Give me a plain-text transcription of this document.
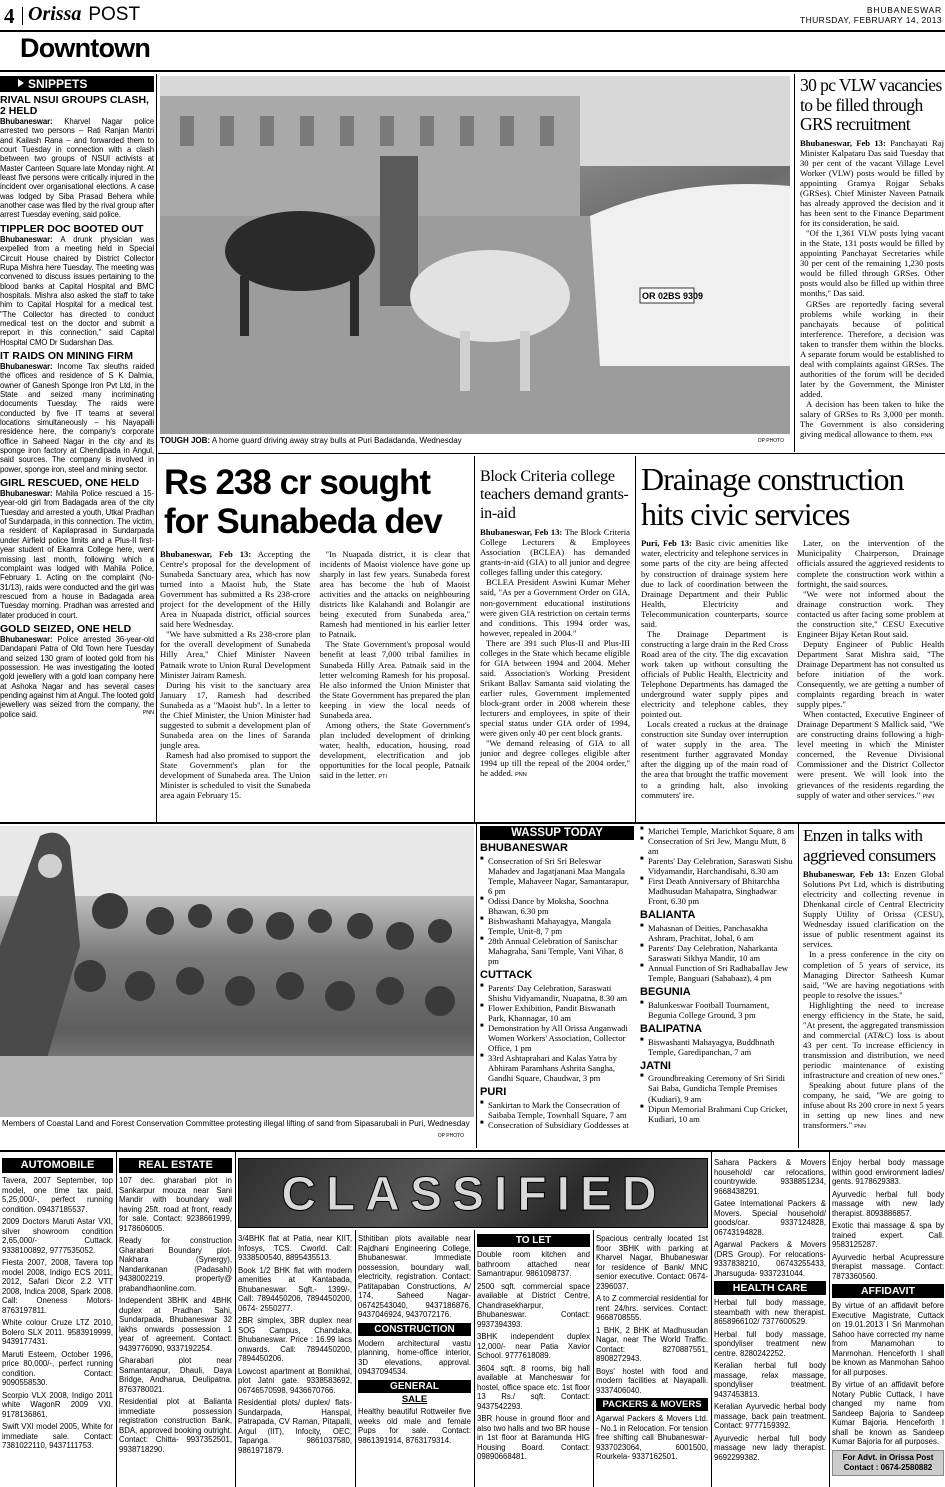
4 Orissa POST	BHUBANESWAR
THURSDAY, FEBRUARY 14, 2013
Downtown
SNIPPETS
RIVAL NSUI GROUPS CLASH, 2 HELD
Bhubaneswar: Kharvel Nagar police arrested two persons – Rati Ranjan Mantri and Kailash Rana – and forwarded them to court Tuesday in connection with a clash between two groups of NSUI activists at Master Canteen Square late Monday night. At least five persons were critically injured in the incident over organisational elections. A case was lodged by Siba Prasad Behera while another case was filed by the rival group after arrest Tuesday evening, said police.
TIPPLER DOC BOOTED OUT
Bhubaneswar: A drunk physician was expelled from a meeting held in Special Circuit House chaired by District Collector Rupa Mishra here Tuesday. The meeting was convened to discuss issues pertaining to the blood banks at Capital Hospital and BMC hospitals. Mishra also asked the staff to take him to Capital Hospital for a medical test. "The Collector has directed to conduct medical test on the doctor and submit a report in this connection," said Capital Hospital CMO Dr Sudarshan Das.
IT RAIDS ON MINING FIRM
Bhubaneswar: Income Tax sleuths raided the offices and residence of S K Dalmia, owner of Ganesh Sponge Iron Pvt Ltd, in the State and seized many incriminating documents Tuesday. The raids were conducted by five IT teams at several locations simultaneously – his Nayapalli residence here, the company's corporate office in Saheed Nagar in the city and its sponge iron factory at Chendipada in Angul, said sources. The company is involved in power, sponge iron, steel and mining sector.
GIRL RESCUED, ONE HELD
Bhubaneswar: Mahila Police rescued a 15-year-old girl from Badagada area of the city Tuesday and arrested a youth, Utkal Pradhan of Sundarpada, in this connection. The victim, a resident of Kapilaprasad in Sundarpada under Airfield police limits and a Plus-II first-year student of Ekamra College here, went missing last month, following which a complaint was lodged with Mahila Police, February 1. Acting on the complaint (No-31/13), raids were conducted and the girl was rescued from a house in Badagada area Tuesday morning. Pradhan was arrested and later produced in court.
GOLD SEIZED, ONE HELD
Bhubaneswar: Police arrested 36-year-old Dandapani Patra of Old Town here Tuesday and seized 130 gram of looted gold from his possession. He was investigating the looted gold jewellery with a gold loan company here at Ashoka Nagar and has several cases pending against him at Angul. The looted gold jewellery was seized from the company, the police said.	PNN
OR 02BS 9309
TOUGH JOB: A home guard driving away stray bulls at Puri Badadanda, Wednesday	OP PHOTO
30 pc VLW vacancies to be filled through GRS recruitment

Bhubaneswar, Feb 13: Panchayati Raj Minister Kalpataru Das said Tuesday that 30 per cent of the vacant Village Level Worker (VLW) posts would be filled by appointing Gramya Rojgar Sebaks (GRSes). Chief Minister Naveen Patnaik has already approved the decision and it has been sent to the Finance Department for its consideration, he said.

"Of the 1,361 VLW posts lying vacant in the State, 131 posts would be filled by appointing Panchayat Secretaries while 30 per cent of the remaining 1,230 posts would be filled through GRSes. Other posts would also be filled up within three months," Das said.

GRSes are reportedly facing several problems while working in their panchayats because of political interference. Therefore, a decision was taken to transfer them within the blocks. A separate forum would be established to deal with complaints against GRSes. The authorities of the forum will be decided later by the Government, the Minister added.

A decision has been taken to hike the salary of GRSes to Rs 3,000 per month. The Government is also considering giving medical allowance to them. PNN

Rs 238 cr sought for Sunabeda dev

Bhubaneswar, Feb 13: Accepting the Centre's proposal for the development of Sunabeda Sanctuary area, which has now turned into a Maoist hub, the State Government has submitted a Rs 238-crore project for the development of the Hilly Area in Nuapada district, official sources said here Wednesday.

"We have submitted a Rs 238-crore plan for the overall development of Sunabeda Hilly Area," Chief Minister Naveen Patnaik wrote to Union Rural Development Minister Jairam Ramesh.

During his visit to the sanctuary area January 17, Ramesh had described Sunabeda as a "Maoist hub". In a letter to the Chief Minister, the Union Minister had suggested to submit a development plan of Sunabeda area on the lines of Saranda jungle area.

Ramesh had also promised to support the State Government's plan for the development of Sunabeda area. The Union Minister is scheduled to visit the Sunabeda area again February 15.

"In Nuapada district, it is clear that incidents of Maoist violence have gone up sharply in last few years. Sunabeda forest area has become the hub of Maoist activities and the attacks on neighbouring districts like Kalahandi and Bolangir are being executed from Sunabeda area," Ramesh had mentioned in his earlier letter to Patnaik.

The State Government's proposal would benefit at least 7,000 tribal families in Sunabeda Hilly Area. Patnaik said in the letter welcoming Ramesh for his proposal. He also informed the Union Minister that the State Government has prepared the plan keeping in view the local needs of Sunabeda area.

Among others, the State Government's plan included development of drinking water, health, education, housing, road development, electrification and job opportunities for the local people, Patnaik said in the letter. PTI

Block Criteria college teachers demand grants-in-aid

Bhubaneswar, Feb 13: The Block Criteria College Lecturers & Employees Association (BCLEA) has demanded grants-in-aid (GIA) to all junior and degree colleges falling under this category.

BCLEA President Aswini Kumar Meher said, "As per a Government Order on GIA, non-government educational institutions were given GIA restriction on certain terms and conditions. This 1994 order was, however, repealed in 2004."

There are 391 such Plus-II and Plus-III colleges in the State which became eligible for GIA between 1994 and 2004. Meher said. Association's Working President Srikant Ballav Samanta said violating the earlier rules, Government implemented block-grant order in 2008 wherein these lecturers and employees, in spite of their special status under GIA order of 1994, were given only 40 per cent block grants.

"We demand releasing of GIA to all junior and degree colleges eligible after 1994 up till the repeal of the 2004 order," he added. PNN

Drainage construction hits civic services

Puri, Feb 13: Basic civic amenities like water, electricity and telephone services in some parts of the city are being affected by construction of drainage system here due to lack of coordination between the Drainage Department and their Public Health, Electricity and Telecommunication counterparts, source said.

The Drainage Department is constructing a large drain in the Red Cross Road area of the city. The dig excavation work taken up without consulting the officials of Public Health, Electricity and Telephone Departments has damaged the underground water supply pipes and electricity and telephone cables, they pointed out.

Locals created a ruckus at the drainage construction site Sunday over interruption of water supply in the area. The resentment further aggravated Monday after the digging up of the main road of the area that brought the traffic movement to a grinding halt, also invoking commuters' ire.

Later, on the intervention of the Municipality Chairperson, Drainage officials assured the aggrieved residents to complete the construction work within a fortnight, the said sources.

"We were not informed about the drainage construction work. They contacted us after facing some problem at the construction site," CESU Executive Engineer Bijay Ketan Rout said.

Deputy Engineer of Public Health Department Sarat Mishra said, "The Drainage Department has not consulted us before initiation of the work. Consequently, we are getting a number of complaints regarding breach in water supply pipes."

When contacted, Executive Engineer of Drainage Department S Mallick said, "We are constructing drains following a high-level meeting in which the Minister concerned, the Revenue Divisional Commissioner and the District Collector were present. We will look into the grievances of the residents regarding the supply of water and other services." PNN

Members of Coastal Land and Forest Conservation Committee protesting illegal lifting of sand from Sipasarubali in Puri, Wednesday
OP PHOTO
WASSUP TODAY
BHUBANESWAR
■ Consecration of Sri Sri Beleswar Mahadev and Jagatjanani Maa Mangala Temple, Mahaveer Nagar, Samantarapur, 6 pm
■ Odissi Dance by Moksha, Soochna Bhawan, 6.30 pm
■ Bishwashanti Mahayagya, Mangala Temple, Unit-8, 7 pm
■ 28th Annual Celebration of Sanischar Mahagraha, Sani Temple, Vani Vihar, 8 pm
CUTTACK
■ Parents' Day Celebration, Saraswati Shishu Vidyamandir, Nuapatna, 8.30 am
■ Flower Exhibition, Pandit Biswanath Park, Khannagar, 10 am
■ Demonstration by All Orissa Anganwadi Women Workers' Association, Collector Office, 1 pm
■ 33rd Ashtaprahari and Kalas Yatra by Abhiram Paramhans Ashrita Sangha, Gandhi Square, Chaudwar, 3 pm
PURI
■ Sankirtan to Mark the Consecration of Saibaba Temple, Townhall Square, 7 am
■ Consecration of Subsidiary Goddesses at
■ Marichei Temple, Marichkot Square, 8 am
■ Consecration of Sri Jew, Mangu Mutt, 8 am
■ Parents' Day Celebration, Saraswati Sishu Vidyamandir, Harchandisahi, 8.30 am
■ First Death Anniversary of Bhitarchha Madhusudan Mahapatra, Singhadwar Front, 6.30 pm
BALIANTA
■ Mahasnan of Deities, Panchasakha Ashram, Prachitat, Johal, 6 am
■ Parents' Day Celebration, Naharkanta Saraswati Sikhya Mandir, 10 am
■ Annual Function of Sri Radhaballav Jew Temple, Banguari (Sahabaaz), 4 pm
BEGUNIA
■ Balunkeswar Football Tournament, Begunia College Ground, 3 pm
BALIPATNA
■ Biswashanti Mahayagya, Buddhnath Temple, Garedipanchan, 7 am
JATNI
■ Groundbreaking Ceremony of Sri Siridi Sai Baba, Gundicha Temple Premises (Kudiari), 9 am
■ Dipun Memorial Brahmani Cup Cricket, Kudiari, 10 am
Enzen in talks with aggrieved consumers

Bhubaneswar, Feb 13: Enzen Global Solutions Pvt Ltd, which is distributing electricity and collecting revenue in Dhenkanal circle of Central Electricity Supply Utility of Orissa (CESU), Wednesday issued clarification on the issue of public resentment against its services.

In a press conference in the city on completion of 5 years of service, its Managing Director Satheesh Kumar said, "We are having negotiations with people to resolve the issues."

Highlighting the need to increase energy efficiency in the State, he said, "At present, the aggregated transmission and commercial (AT&C) loss is about 43 per cent. To increase efficiency in transmission and distribution, we need periodic maintenance of existing infrastructure and creation of new ones."

Speaking about future plans of the company, he said, "We are going to infuse about Rs 200 crore in next 5 years in setting up new lines and new transformers." PNN

AUTOMOBILE

Tavera, 2007 September, top model, one time tax paid, 5,25,000/-, perfect running condition. 09437185537.

2009 Doctors Maruti Astar VXI, silver showroom condition 2,65,000/- Cuttack. 9338100892, 9777535052.

Fiesta 2007, 2008, Tavera top model 2008, Indigo ECS 2011, 2012, Safari Dicor 2.2 VTT 2008, Indica 2008, Spark 2008. Call: Oneness Motors-8763197811.

White colour Cruze LTZ 2010, Bolero SLX 2011. 9583919999, 9439177431.

Maruti Esteem, October 1996, price 80,000/-, perfect running condition. Contact: 9090558530.

Scorpio VLX 2008, Indigo 2011 white WagonR 2009 VXI. 9178136861.

Swift VXI model 2005, White for immediate sale. Contact: 7381022110, 9437111753.

REAL ESTATE

107 dec. gharabari plot in Sankarpur mouza near Sani Mandir with boundary wall having 25ft. road at front, ready for sale. Contact: 9238661999, 9178606005.

Ready for construction Gharabari Boundary plot- Nakhara (Synergy), Nandankanan (Padasahi) 9438002219. property@ prabandhaonline.com.

Independent 3BHK and 4BHK duplex at Pradhan Sahi, Sundarpada, Bhubaneswar 32 lakhs onwards possession 1 year of agreement. Contact: 9439776090, 9337192254.

Gharabari plot near Samantarapur, Dhauli, Daya Bridge, Andharua, Deulipatna. 8763780021.

Residential plot at Balianta immediate possession registration construction Bank, BDA, approved booking outright. Contact: Chitta- 9937352501, 9938718290.

CLASSIFIED

3/4BHK flat at Patia, near KIIT, Infosys, TCS. Cworld. Call: 9338500540, 8895435513.

Book 1/2 BHK flat with modern amenities at Kantabada, Bhubaneswar. Sqft.- 1399/-. Call: 7894450206, 7894450200, 0674- 2550277.

2BR simplex, 3BR duplex near SOG Campus, Chandaka, Bhubaneswar. Price : 16.99 lacs onwards. Call: 7894450200, 7894450206.

Lowcost apartment at Bomikhal, plot Jatni gate. 9338583692, 06746570598, 9436670766.

Residential plots/ duplex/ flats- Sundarpada, Hanspal, Patrapada, CV Raman, Pitapalli, Argul (IIT), Infocity, OEC, Tapanga. 9861037580, 9861971879.

Sthitiban plots available near Rajdhani Engineering College, Bhubaneswar. Immediate possession, boundary wall, electricity, registration. Contact: Patitapaban Constructions, A/ 174, Saheed Nagar- 06742543040, 9437186876, 9437046924, 9437072176.

CONSTRUCTION

Modern architectural vastu planning, home-office interior, 3D elevations, approval. 09437094534.

GENERAL
SALE

Healthy beautiful Rottweiler five weeks old male and female Pups for sale. Contact: 9861391914, 8763179314.

TO LET

Double room kitchen and bathroom attached near Samantrapur. 9861098737.

2500 sqft. commercial space available at District Centre, Chandrasekharpur, Bhubaneswar. Contact: 9937394393.

3BHK independent duplex 12,000/- near Patia Xavior School. 9777618089.

3604 sqft. 8 rooms, big hall available at Mancheswar for hostel, office space etc. 1st floor 13 Rs./ sqft. Contact: 9437542293.

3BR house in ground floor and also two halls and two BR house in 1st floor at Baramunda HIG Housing Board. Contact: 09890668481.

Spacious centrally located 1st floor 3BHK with parking at Kharvel Nagar, Bhubaneswar for residence of Bank/ MNC senior executive. Contact: 0674- 2396037.

A to Z commercial residential for rent 24/hrs. services. Contact: 9668708555.

1 BHK, 2 BHK at Madhusudan Nagar, near The World Traffic. Contact: 8270887551, 8908272943.

Boys' hostel with food and modern facilities at Nayapalli. 9337406040.

PACKERS & MOVERS

Agarwal Packers & Movers Ltd. - No.1 in Relocation. For tension free shifting call Bhubaneswar- 9337023064, 6001500, Rourkela- 9337162501.

Sahara Packers & Movers household/ car relocations, countrywide. 9338851234, 9668438291.

Gatee International Packers & Movers. Special household/ goods/car. 9337124828, 06743194828.

Agarwal Packers & Movers (DRS Group). For relocations- 9337838210, 06743255433, Jharsuguda- 9337231044.

HEALTH CARE

Herbal full body massage, steambath with new therapist. 8658966102/ 7377600529.

Herbal full body massage, spondyliser treatment new centre. 8280242252.

Keralian herbal full body massage, relax massage, spondyliser treatment. 9437453813.

Keralian Ayurvedic herbal body massage, back pain treatment. Contact: 9777159392.

Ayurvedic herbal full body massage new lady therapist. 9692299382.

Enjoy herbal body massage within good environment ladies/ gents. 9178629383.

Ayurvedic herbal full body massage with new lady therapist. 8093886857.

Exotic thai massage & spa by trained expert. Call. 9583125287.

Ayurvedic herbal Acupressure therapist massage. Contact: 7873360560.

AFFIDAVIT

By virtue of an affidavit before Executive Magistrate, Cuttack on 19.01.2013 I Sri Manmohan Sahoo have corrected my name from Manamohan to Manmohan. Henceforth I shall be known as Manmohan Sahoo for all purposes.

By virtue of an affidavit before Notary Public Cuttack, I have changed my name from Sandeep Bajoria to Sandeep Kumar Bajoria. Henceforth I shall be known as Sandeep Kumar Bajoria for all purposes.

For Advt. in Orissa Post
Contact : 0674-2580882
